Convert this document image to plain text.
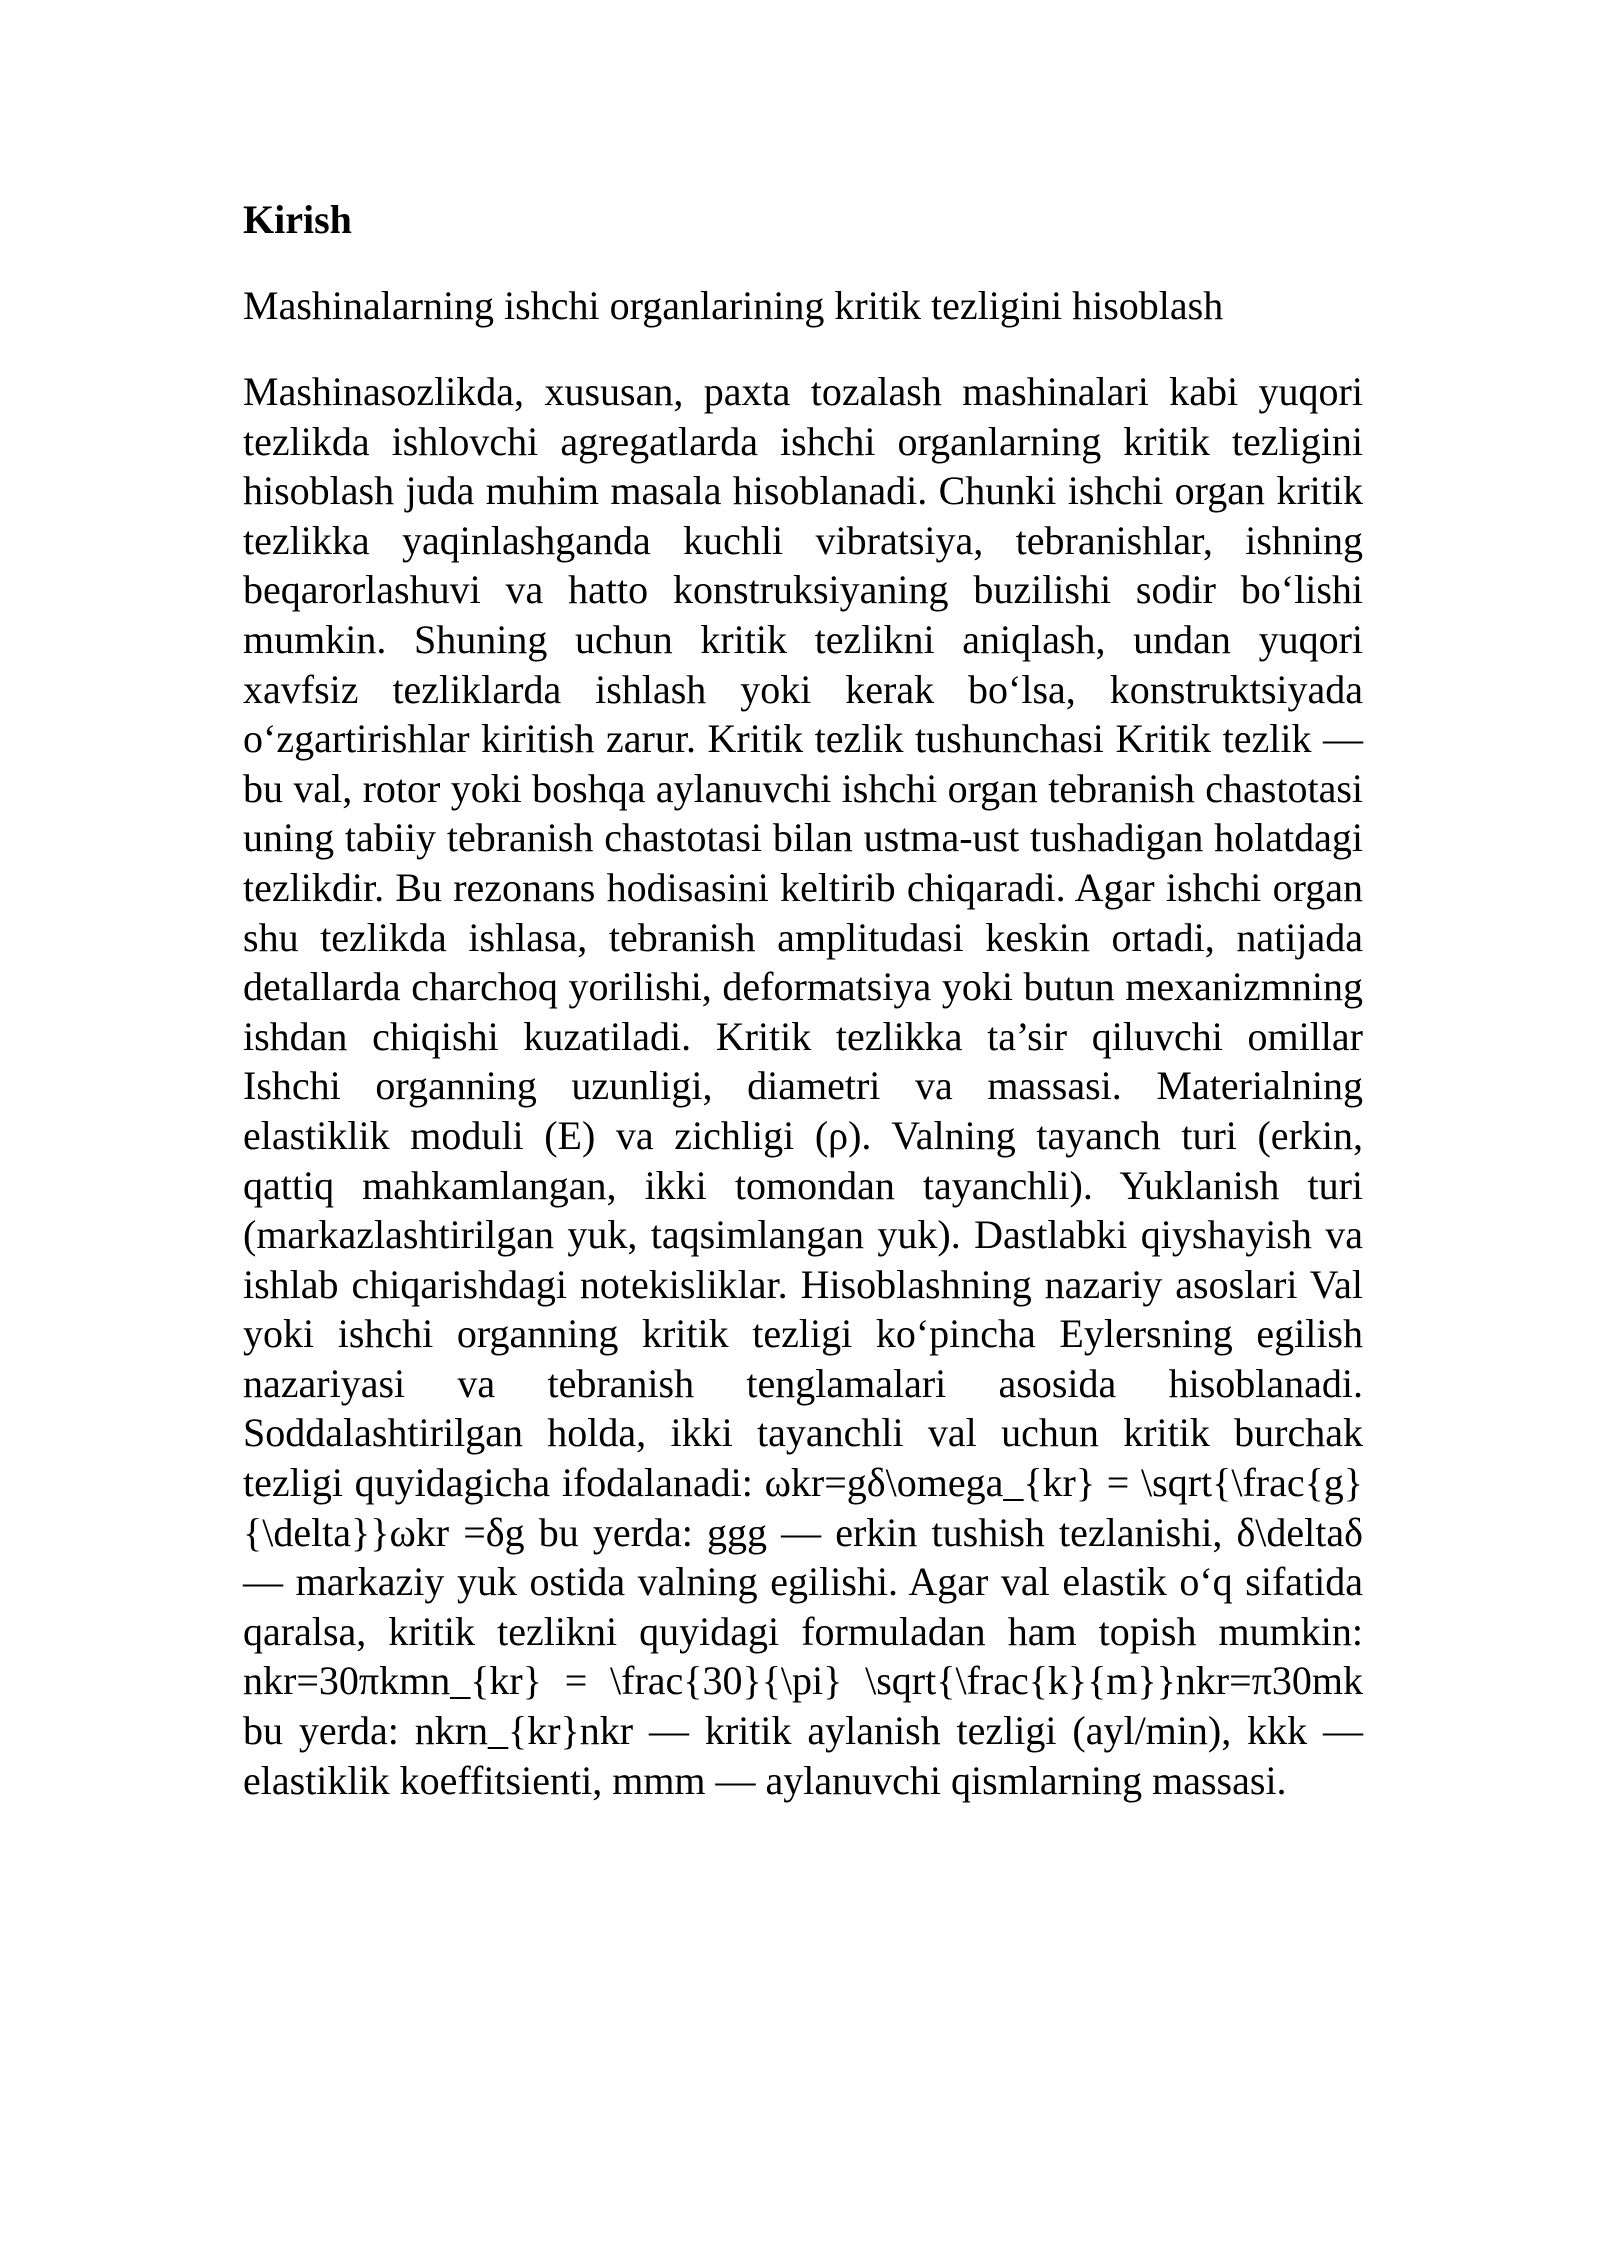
Kirish
Mashinalarning ishchi organlarining kritik tezligini hisoblash

Mashinasozlikda, xususan, paxta tozalash mashinalari kabi yuqori tezlikda ishlovchi agregatlarda ishchi organlarning kritik tezligini hisoblash juda muhim masala hisoblanadi. Chunki ishchi organ kritik tezlikka yaqinlashganda kuchli vibratsiya, tebranishlar, ishning beqarorlashuvi va hatto konstruksiyaning buzilishi sodir bo‘lishi mumkin. Shuning uchun kritik tezlikni aniqlash, undan yuqori xavfsiz tezliklarda ishlash yoki kerak bo‘lsa, konstruktsiyada o‘zgartirishlar kiritish zarur. Kritik tezlik tushunchasi Kritik tezlik — bu val, rotor yoki boshqa aylanuvchi ishchi organ tebranish chastotasi uning tabiiy tebranish chastotasi bilan ustma-ust tushadigan holatdagi tezlikdir. Bu rezonans hodisasini keltirib chiqaradi. Agar ishchi organ shu tezlikda ishlasa, tebranish amplitudasi keskin ortadi, natijada detallarda charchoq yorilishi, deformatsiya yoki butun mexanizmning ishdan chiqishi kuzatiladi. Kritik tezlikka ta’sir qiluvchi omillar Ishchi organning uzunligi, diametri va massasi. Materialning elastiklik moduli (E) va zichligi (ρ). Valning tayanch turi (erkin, qattiq mahkamlangan, ikki tomondan tayanchli). Yuklanish turi (markazlashtirilgan yuk, taqsimlangan yuk). Dastlabki qiyshayish va ishlab chiqarishdagi notekisliklar. Hisoblashning nazariy asoslari Val yoki ishchi organning kritik tezligi ko‘pincha Eylersning egilish nazariyasi va tebranish tenglamalari asosida hisoblanadi. Soddalashtirilgan holda, ikki tayanchli val uchun kritik burchak tezligi quyidagicha ifodalanadi: ωkr=gδ\omega_{kr} = \sqrt{\frac{g}{\delta}}ωkr =δg bu yerda: ggg — erkin tushish tezlanishi, δ\deltaδ — markaziy yuk ostida valning egilishi. Agar val elastik o‘q sifatida qaralsa, kritik tezlikni quyidagi formuladan ham topish mumkin: nkr=30πkmn_{kr} = \frac{30}{\pi} \sqrt{\frac{k}{m}}nkr=π30mk bu yerda: nkrn_{kr}nkr — kritik aylanish tezligi (ayl/min), kkk — elastiklik koeffitsienti, mmm — aylanuvchi qismlarning massasi.
